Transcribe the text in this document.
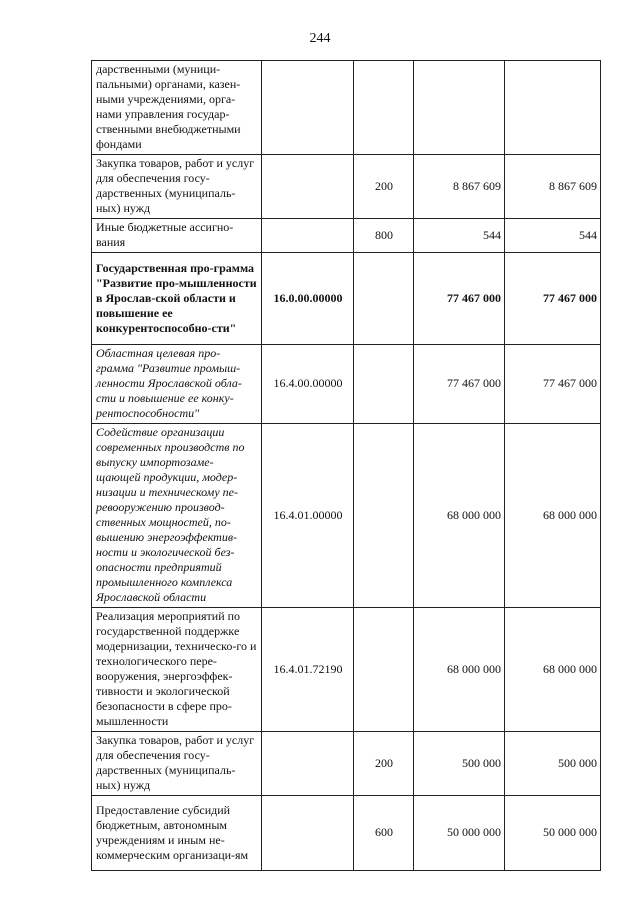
244
дарственными (муници-пальными) органами, казен-ными учреждениями, орга-нами управления государ-ственными внебюджетными фондами				
Закупка товаров, работ и услуг для обеспечения госу-дарственных (муниципаль-ных) нужд		200	8 867 609	8 867 609
Иные бюджетные ассигно-вания		800	544	544
Государственная про-грамма "Развитие про-мышленности в Ярослав-ской области и повышение ее конкурентоспособно-сти"	16.0.00.00000		77 467 000	77 467 000
Областная целевая про-грамма "Развитие промыш-ленности Ярославской обла-сти и повышение ее конку-рентоспособности"	16.4.00.00000		77 467 000	77 467 000
Содействие организации современных производств по выпуску импортозаме-щающей продукции, модер-низации и техническому пе-ревооружению производ-ственных мощностей, по-вышению энергоэффектив-ности и экологической без-опасности предприятий промышленного комплекса Ярославской области	16.4.01.00000		68 000 000	68 000 000
Реализация мероприятий по государственной поддержке модернизации, техническо-го и технологического пере-вооружения, энергоэффек-тивности и экологической безопасности в сфере про-мышленности	16.4.01.72190		68 000 000	68 000 000
Закупка товаров, работ и услуг для обеспечения госу-дарственных (муниципаль-ных) нужд		200	500 000	500 000
Предоставление субсидий бюджетным, автономным учреждениям и иным не-коммерческим организаци-ям		600	50 000 000	50 000 000
